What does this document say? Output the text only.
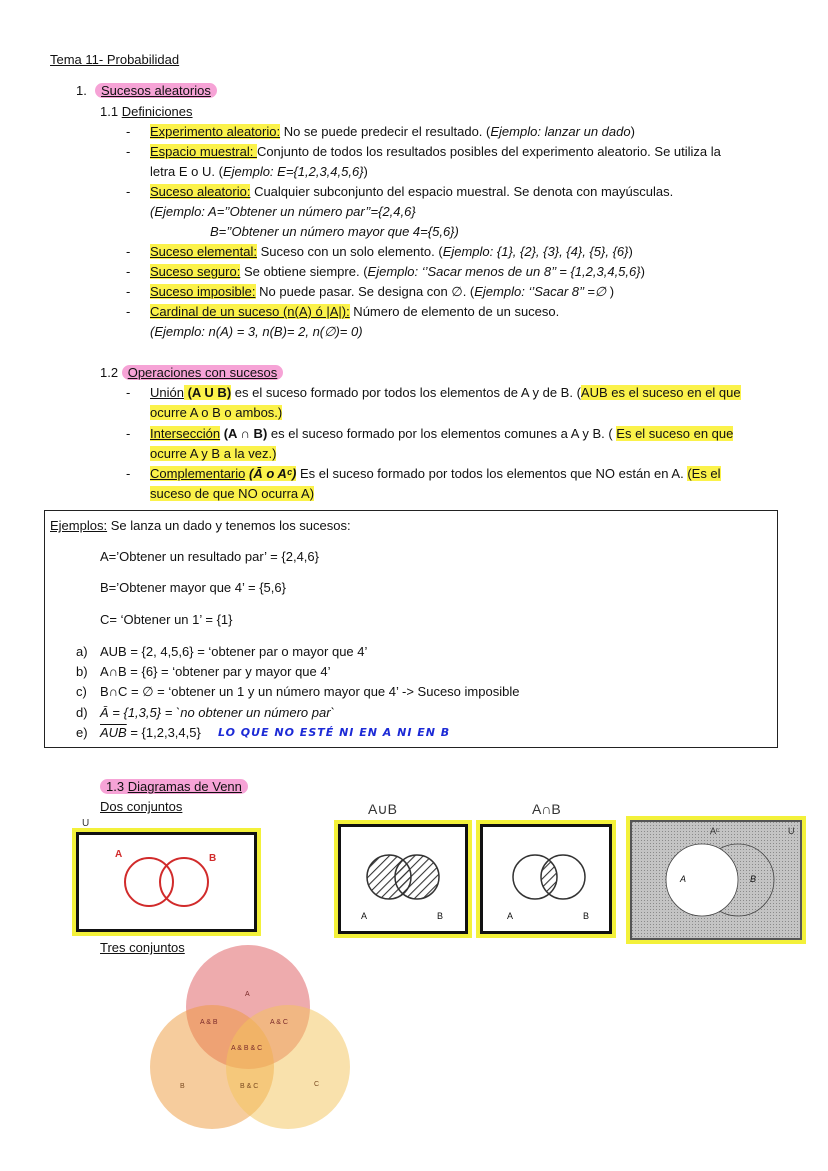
Tema 11- Probabilidad
1.	Sucesos aleatorios
1.1 Definiciones
- Experimento aleatorio: No se puede predecir el resultado. (Ejemplo: lanzar un dado)
- Espacio muestral: Conjunto de todos los resultados posibles del experimento aleatorio. Se utiliza la
letra E o U. (Ejemplo: E={1,2,3,4,5,6})
- Suceso aleatorio: Cualquier subconjunto del espacio muestral. Se denota con mayúsculas.
(Ejemplo: A=’’Obtener un número par’’={2,4,6}
B=’’Obtener un número mayor que 4={5,6})
- Suceso elemental: Suceso con un solo elemento. (Ejemplo: {1}, {2}, {3}, {4}, {5}, {6})
- Suceso seguro: Se obtiene siempre. (Ejemplo: ‘’Sacar menos de un 8’’ = {1,2,3,4,5,6})
- Suceso imposible: No puede pasar. Se designa con ∅. (Ejemplo: ‘’Sacar 8’’ =∅ )
- Cardinal de un suceso (n(A) ó |A|): Número de elemento de un suceso.
(Ejemplo: n(A) = 3, n(B)= 2, n(∅)= 0)
1.2 Operaciones con sucesos
- Unión (A U B) es el suceso formado por todos los elementos de A y de B. (AUB es el suceso en el que
ocurre A o B o ambos.)
- Intersección (A ∩ B) es el suceso formado por los elementos comunes a A y B. ( Es el suceso en que
ocurre A y B a la vez.)
- Complementario (Ā o Aᶜ) Es el suceso formado por todos los elementos que NO están en A. (Es el
suceso de que NO ocurra A)
Ejemplos: Se lanza un dado y tenemos los sucesos:
A=’Obtener un resultado par’ = {2,4,6}
B=’Obtener mayor que 4’ = {5,6}
C= ‘Obtener un 1’ = {1}
a) AUB = {2, 4,5,6} = ‘obtener par o mayor que 4’
b) A∩B = {6} = ‘obtener par y mayor que 4’
c) B∩C = ∅ = ‘obtener un 1 y un número mayor que 4’ -> Suceso imposible
d) Ā = {1,3,5} = `no obtener un número par`
e) $\overline{AUB} = \{1,2,3,4,5\}$ LO QUE NO ESTÉ NI EN A NI EN B
1.3 Diagramas de Venn
Dos conjuntos
U
A	B
A∪B
A	B
A∩B
A	B
Aᶜ	U
A	B
Tres conjuntos
A
A & B	A & C
A & B & C
B	B & C	C
